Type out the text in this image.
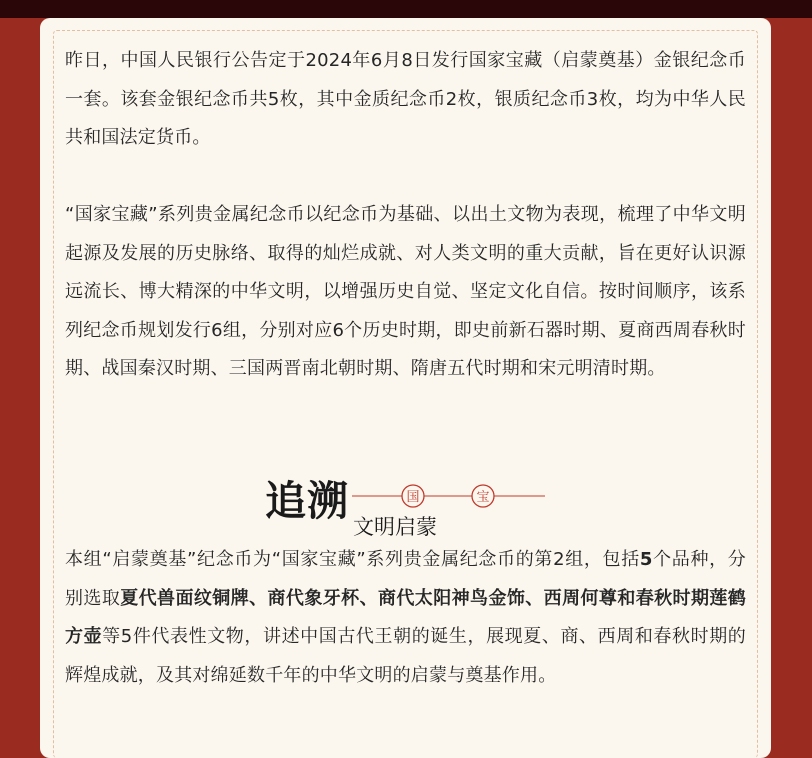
昨日，中国人民银行公告定于2024年6月8日发行国家宝藏（启蒙奠基）金银纪念币一套。该套金银纪念币共5枚，其中金质纪念币2枚，银质纪念币3枚，均为中华人民共和国法定货币。

“国家宝藏”系列贵金属纪念币以纪念币为基础、以出土文物为表现，梳理了中华文明起源及发展的历史脉络、取得的灿烂成就、对人类文明的重大贡献，旨在更好认识源远流长、博大精深的中华文明，以增强历史自觉、坚定文化自信。按时间顺序，该系列纪念币规划发行6组，分别对应6个历史时期，即史前新石器时期、夏商西周春秋时期、战国秦汉时期、三国两晋南北朝时期、隋唐五代时期和宋元明清时期。

追溯	国	宝
文明启蒙

本组“启蒙奠基”纪念币为“国家宝藏”系列贵金属纪念币的第2组，包括5个品种，分别选取夏代兽面纹铜牌、商代象牙杯、商代太阳神鸟金饰、西周何尊和春秋时期莲鹤方壶等5件代表性文物，讲述中国古代王朝的诞生，展现夏、商、西周和春秋时期的辉煌成就，及其对绵延数千年的中华文明的启蒙与奠基作用。
